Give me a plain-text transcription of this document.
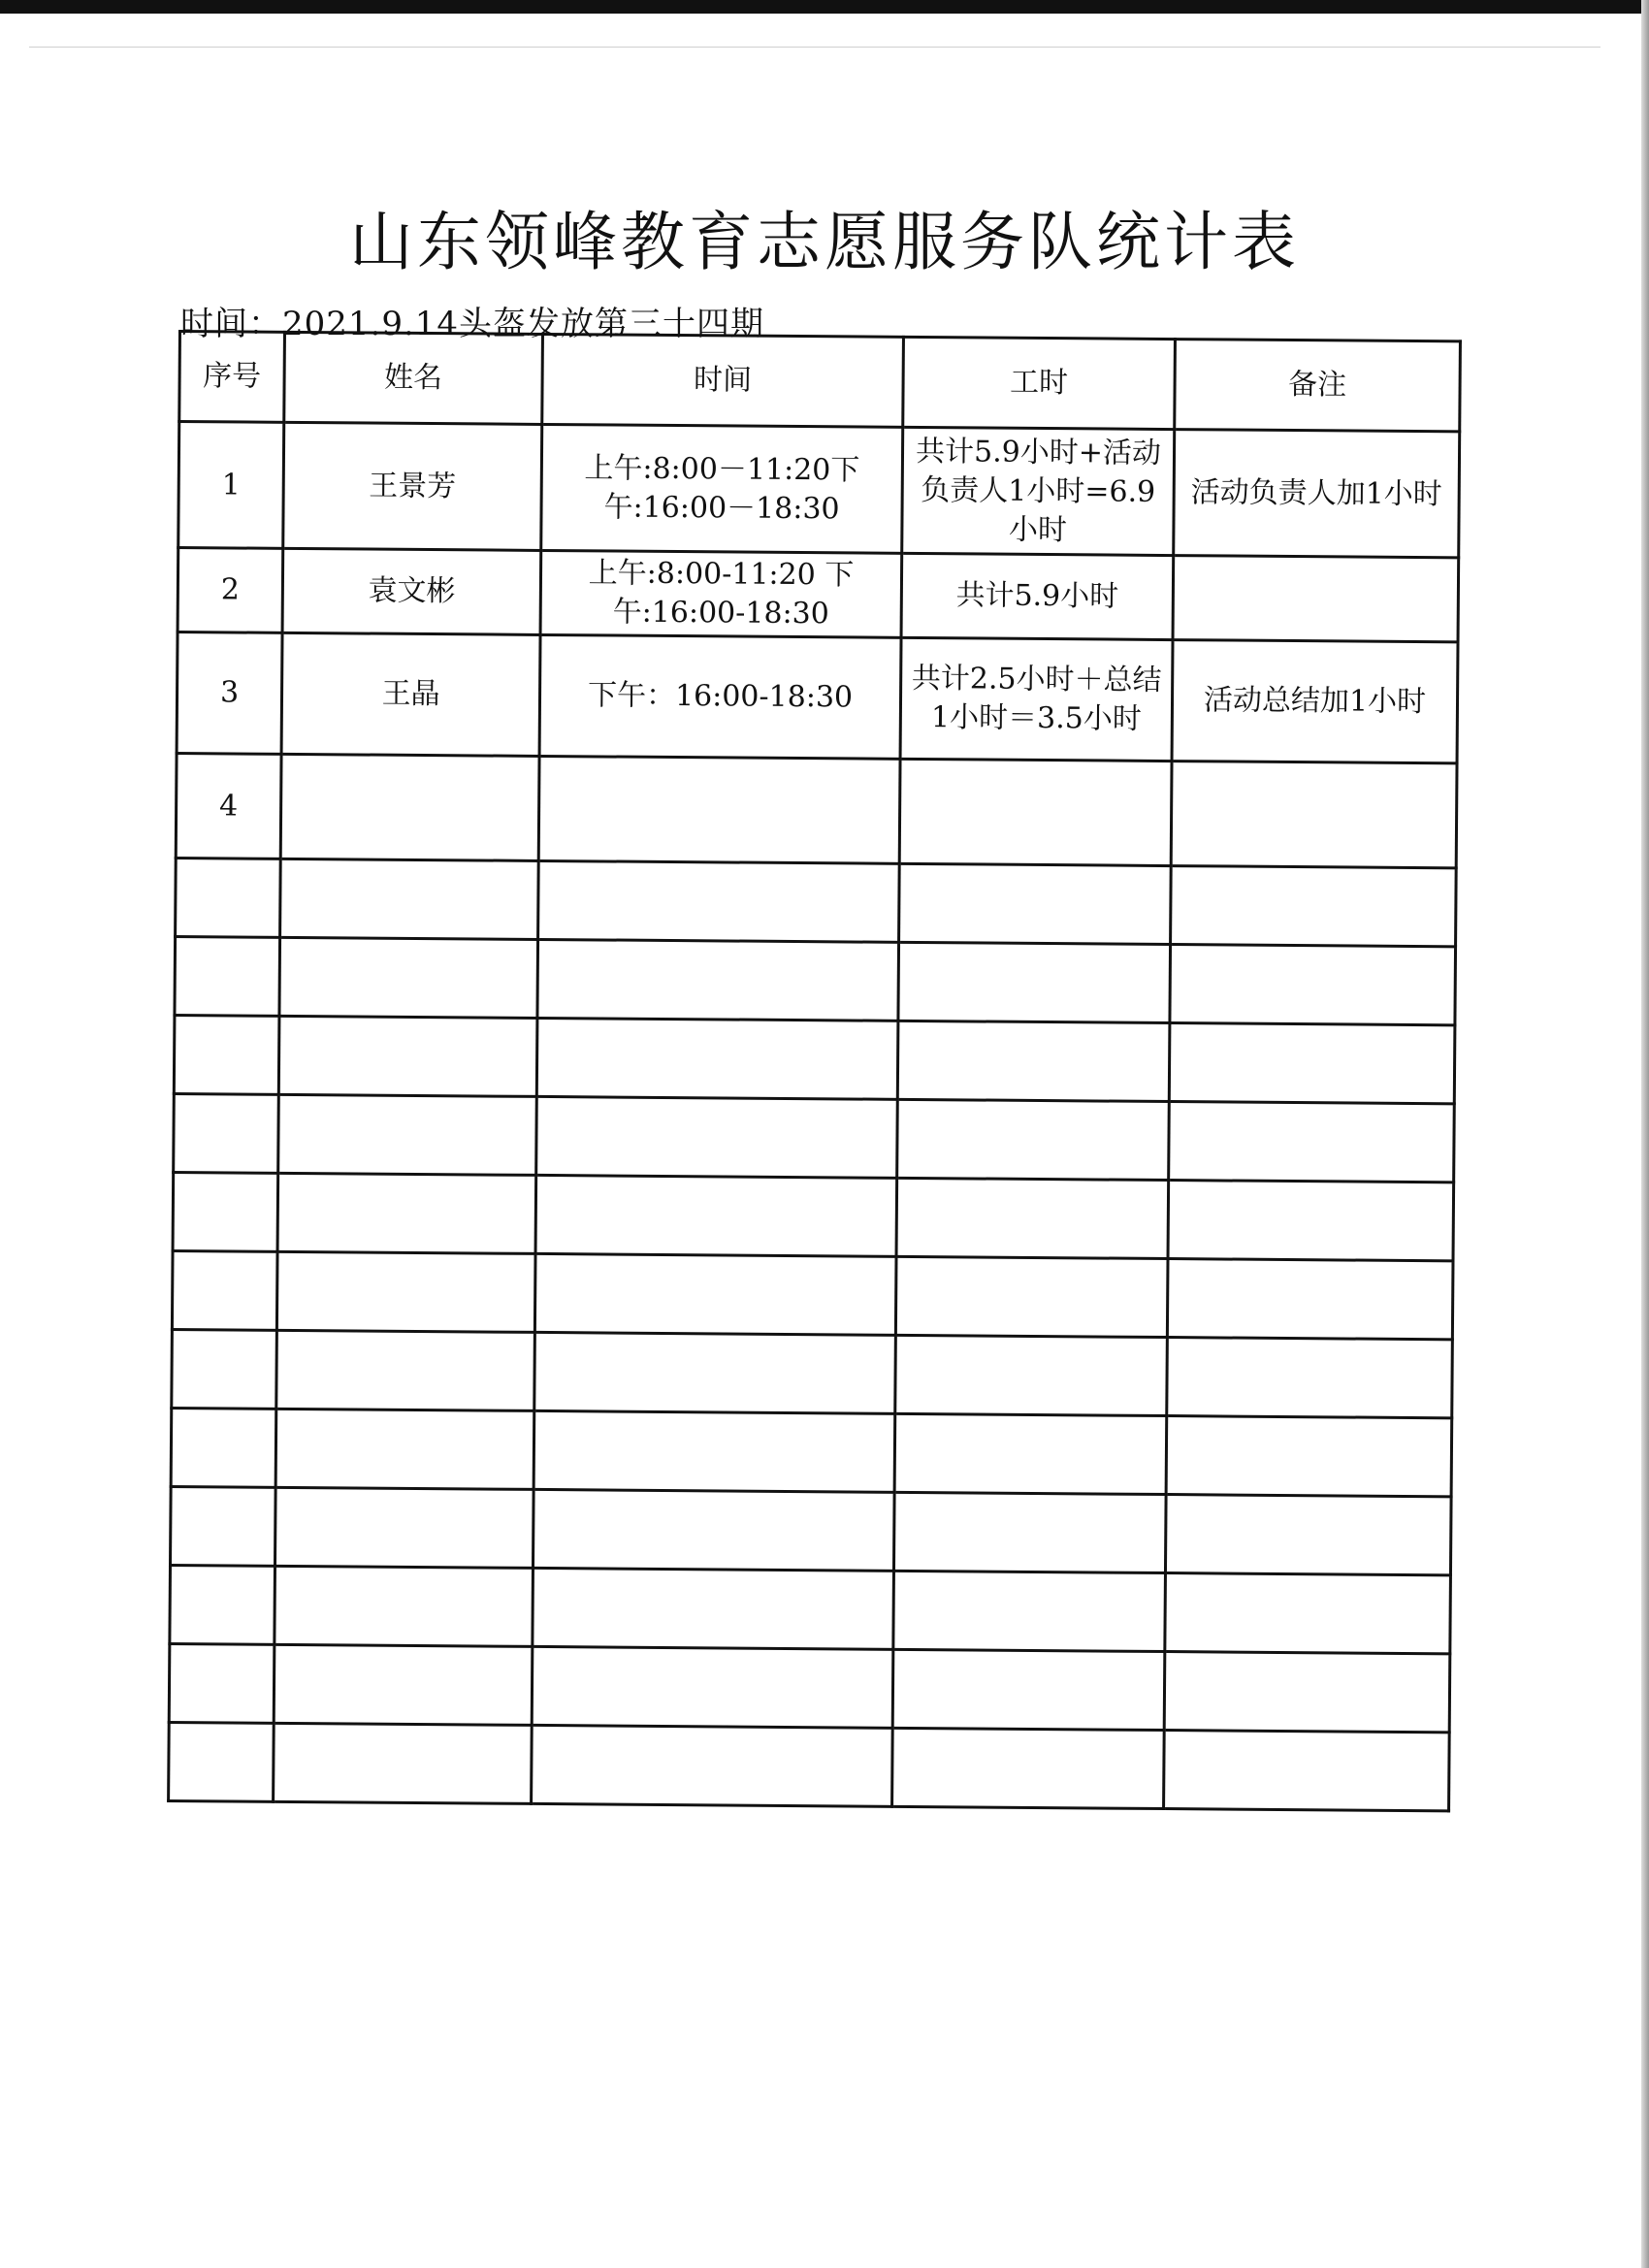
山东领峰教育志愿服务队统计表
时间：2021.9.14头盔发放第三十四期
序号	姓名	时间	工时	备注
1	王景芳	上午:8:00－11:20下午:16:00－18:30	共计5.9小时+活动负责人1小时=6.9小时	活动负责人加1小时
2	袁文彬	上午:8:00-11:20 下午:16:00-18:30	共计5.9小时	
3	王晶	下午：16:00-18:30	共计2.5小时＋总结1小时＝3.5小时	活动总结加1小时
4				
